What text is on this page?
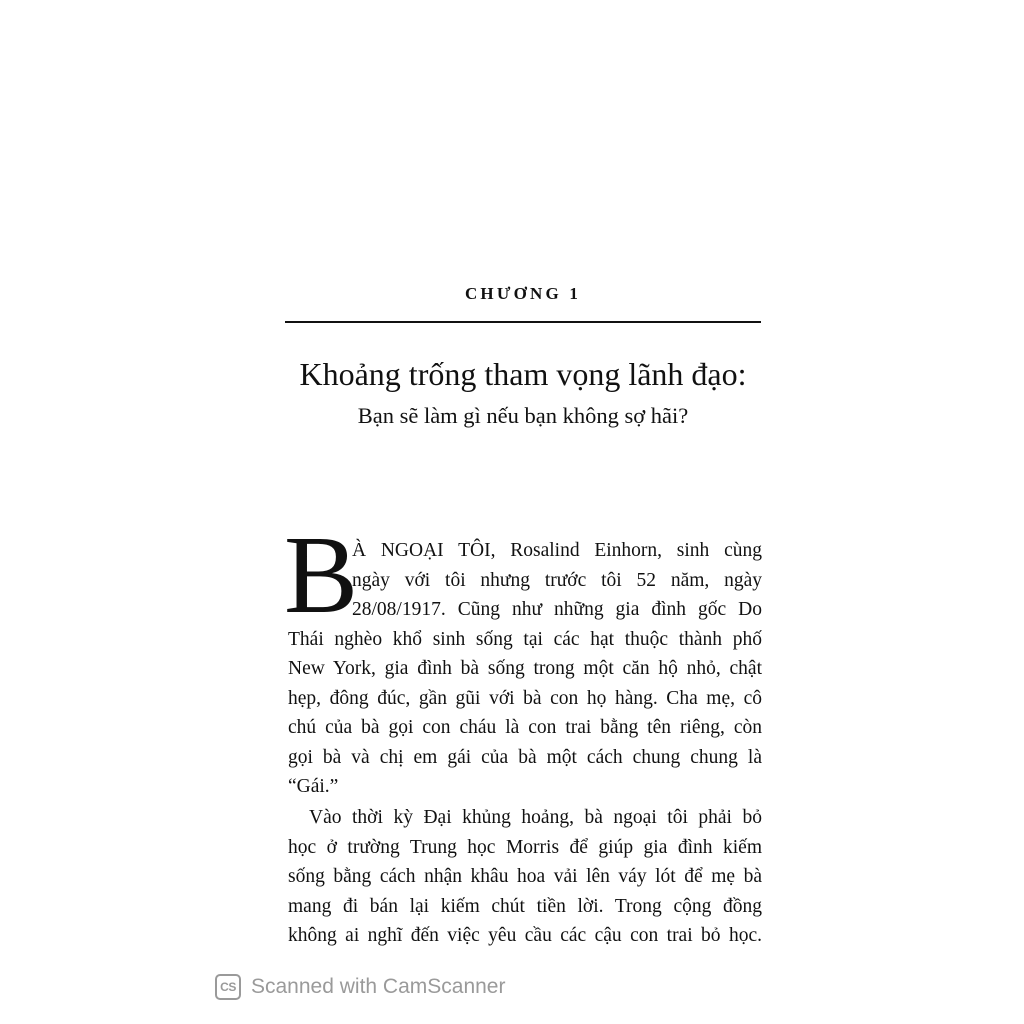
CHƯƠNG 1
Khoảng trống tham vọng lãnh đạo:
Bạn sẽ làm gì nếu bạn không sợ hãi?
B
À NGOẠI TÔI, Rosalind Einhorn, sinh cùng
ngày với tôi nhưng trước tôi 52 năm, ngày
28/08/1917. Cũng như những gia đình gốc Do
Thái nghèo khổ sinh sống tại các hạt thuộc thành phố
New York, gia đình bà sống trong một căn hộ nhỏ, chật
hẹp, đông đúc, gần gũi với bà con họ hàng. Cha mẹ, cô
chú của bà gọi con cháu là con trai bằng tên riêng, còn
gọi bà và chị em gái của bà một cách chung chung là
“Gái.”
Vào thời kỳ Đại khủng hoảng, bà ngoại tôi phải bỏ
học ở trường Trung học Morris để giúp gia đình kiếm
sống bằng cách nhận khâu hoa vải lên váy lót để mẹ bà
mang đi bán lại kiếm chút tiền lời. Trong cộng đồng
không ai nghĩ đến việc yêu cầu các cậu con trai bỏ học.
CS Scanned with CamScanner
